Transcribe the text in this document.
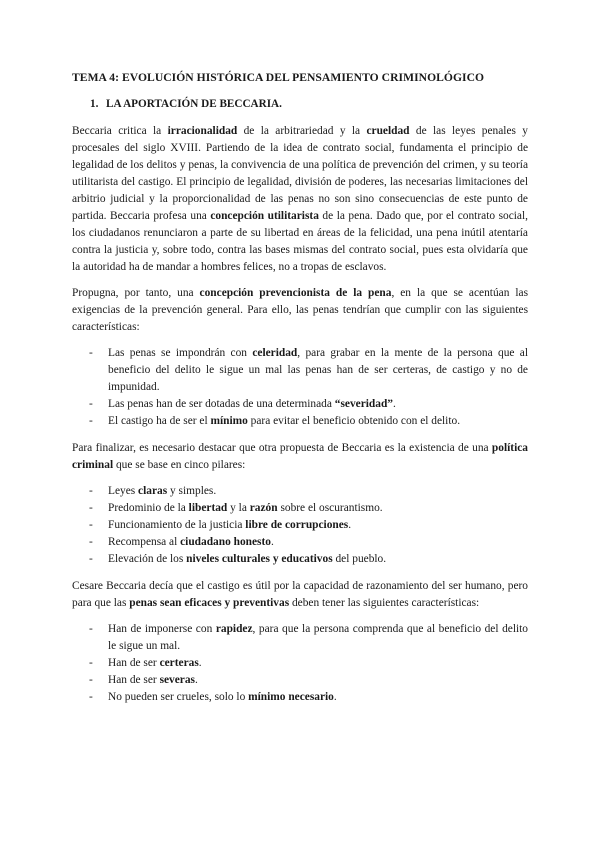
TEMA 4: EVOLUCIÓN HISTÓRICA DEL PENSAMIENTO CRIMINOLÓGICO
1. LA APORTACIÓN DE BECCARIA.

Beccaria critica la irracionalidad de la arbitrariedad y la crueldad de las leyes penales y procesales del siglo XVIII. Partiendo de la idea de contrato social, fundamenta el principio de legalidad de los delitos y penas, la convivencia de una política de prevención del crimen, y su teoría utilitarista del castigo. El principio de legalidad, división de poderes, las necesarias limitaciones del arbitrio judicial y la proporcionalidad de las penas no son sino consecuencias de este punto de partida. Beccaria profesa una concepción utilitarista de la pena. Dado que, por el contrato social, los ciudadanos renunciaron a parte de su libertad en áreas de la felicidad, una pena inútil atentaría contra la justicia y, sobre todo, contra las bases mismas del contrato social, pues esta olvidaría que la autoridad ha de mandar a hombres felices, no a tropas de esclavos.

Propugna, por tanto, una concepción prevencionista de la pena, en la que se acentúan las exigencias de la prevención general. Para ello, las penas tendrían que cumplir con las siguientes características:

- Las penas se impondrán con celeridad, para grabar en la mente de la persona que al beneficio del delito le sigue un mal las penas han de ser certeras, de castigo y no de impunidad.
- Las penas han de ser dotadas de una determinada “severidad”.
- El castigo ha de ser el mínimo para evitar el beneficio obtenido con el delito.

Para finalizar, es necesario destacar que otra propuesta de Beccaria es la existencia de una política criminal que se base en cinco pilares:

- Leyes claras y simples.
- Predominio de la libertad y la razón sobre el oscurantismo.
- Funcionamiento de la justicia libre de corrupciones.
- Recompensa al ciudadano honesto.
- Elevación de los niveles culturales y educativos del pueblo.

Cesare Beccaria decía que el castigo es útil por la capacidad de razonamiento del ser humano, pero para que las penas sean eficaces y preventivas deben tener las siguientes características:

- Han de imponerse con rapidez, para que la persona comprenda que al beneficio del delito le sigue un mal.
- Han de ser certeras.
- Han de ser severas.
- No pueden ser crueles, solo lo mínimo necesario.
